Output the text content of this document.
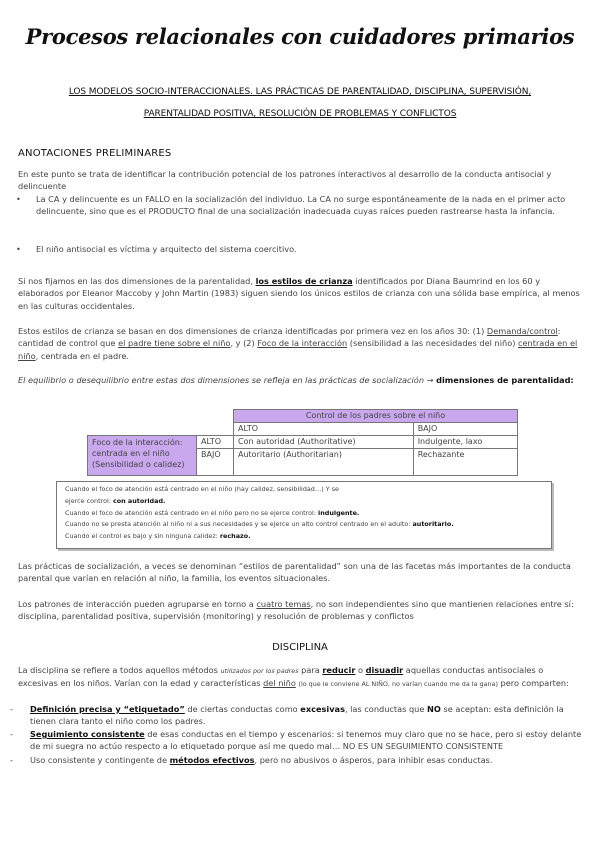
Procesos relacionales con cuidadores primarios
LOS MODELOS SOCIO-INTERACCIONALES. LAS PRÁCTICAS DE PARENTALIDAD, DISCIPLINA, SUPERVISIÓN,
PARENTALIDAD POSITIVA, RESOLUCIÓN DE PROBLEMAS Y CONFLICTOS
ANOTACIONES PRELIMINARES
En este punto se trata de identificar la contribución potencial de los patrones interactivos al desarrollo de la conducta antisocial y delincuente
• La CA y delincuente es un FALLO en la socialización del individuo. La CA no surge espontáneamente de la nada en el primer acto delincuente, sino que es el PRODUCTO final de una socialización inadecuada cuyas raíces pueden rastrearse hasta la infancia.
• El niño antisocial es víctima y arquitecto del sistema coercitivo.
Si nos fijamos en las dos dimensiones de la parentalidad, los estilos de crianza identificados por Diana Baumrind en los 60 y elaborados por Eleanor Maccoby y John Martin (1983) siguen siendo los únicos estilos de crianza con una sólida base empírica, al menos en las culturas occidentales.
Estos estilos de crianza se basan en dos dimensiones de crianza identificadas por primera vez en los años 30: (1) Demanda/control: cantidad de control que el padre tiene sobre el niño, y (2) Foco de la interacción (sensibilidad a las necesidades del niño) centrada en el niño, centrada en el padre.
El equilibrio o desequilibrio entre estas dos dimensiones se refleja en las prácticas de socialización → dimensiones de parentalidad:
		Control de los padres sobre el niño	
		ALTO	BAJO
Foco de la interacción: centrada en el niño (Sensibilidad o calidez)	ALTO	Con autoridad (Authoritative)	Indulgente, laxo
	BAJO	Autoritario (Authoritarian)	Rechazante
Cuando el foco de atención está centrado en el niño (hay calidez, sensibilidad…) Y se
ejerce control: con autoridad.
Cuando el foco de atención está centrado en el niño pero no se ejerce control: indulgente.
Cuando no se presta atención al niño ni a sus necesidades y se ejerce un alto control centrado en el adulto: autoritario.
Cuando el control es bajo y sin ninguna calidez: rechazo.
Las prácticas de socialización, a veces se denominan “estilos de parentalidad” son una de las facetas más importantes de la conducta parental que varían en relación al niño, la familia, los eventos situacionales.
Los patrones de interacción pueden agruparse en torno a cuatro temas, no son independientes sino que mantienen relaciones entre sí: disciplina, parentalidad positiva, supervisión (monitoring) y resolución de problemas y conflictos
DISCIPLINA
La disciplina se refiere a todos aquellos métodos utilizados por los padres para reducir o disuadir aquellas conductas antisociales o excesivas en los niños. Varían con la edad y características del niño (lo que le conviene AL NIÑO, no varían cuando me da la gana) pero comparten:
- Definición precisa y “etiquetado” de ciertas conductas como excesivas, las conductas que NO se aceptan: esta definición la tienen clara tanto el niño como los padres.
- Seguimiento consistente de esas conductas en el tiempo y escenarios: si tenemos muy claro que no se hace, pero si estoy delante de mi suegra no actúo respecto a lo etiquetado porque así me quedo mal… NO ES UN SEGUIMIENTO CONSISTENTE
- Uso consistente y contingente de métodos efectivos, pero no abusivos o ásperos, para inhibir esas conductas.
